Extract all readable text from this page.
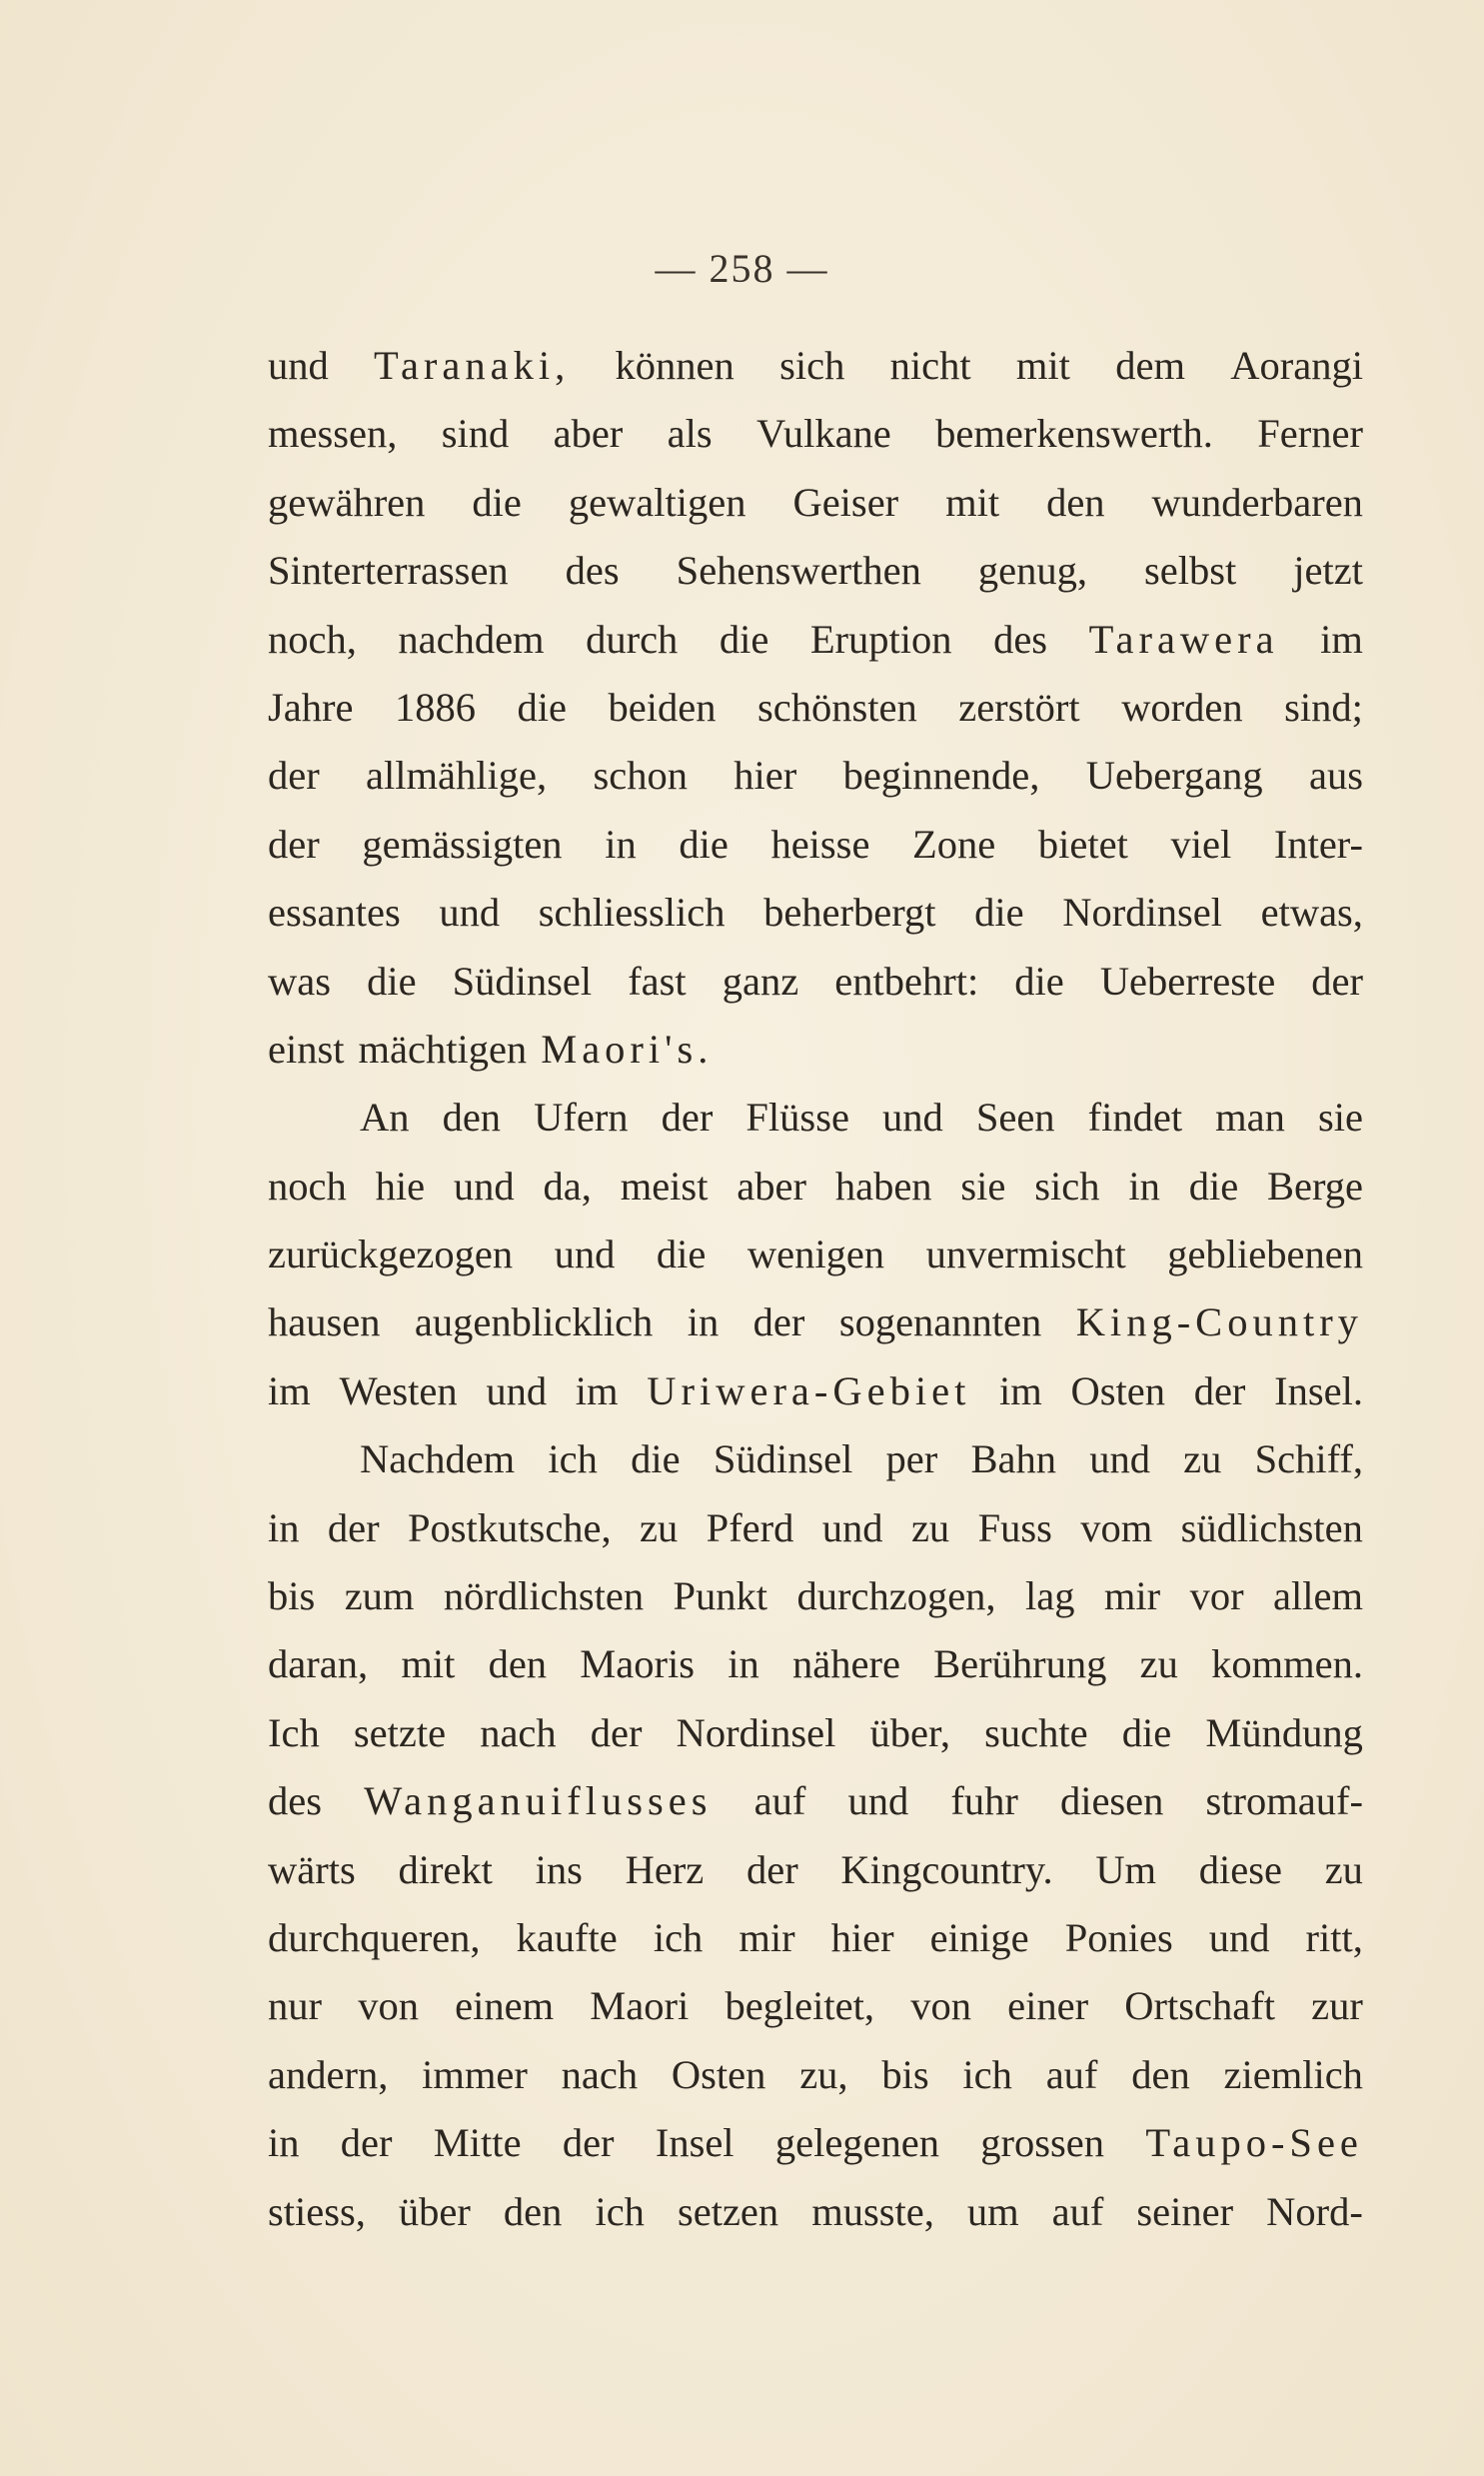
— 258 —
und Taranaki, können sich nicht mit dem Aorangi
messen, sind aber als Vulkane bemerkenswerth. Ferner
gewähren die gewaltigen Geiser mit den wunderbaren
Sinterterrassen des Sehenswerthen genug, selbst jetzt
noch, nachdem durch die Eruption des Tarawera im
Jahre 1886 die beiden schönsten zerstört worden sind;
der allmählige, schon hier beginnende, Uebergang aus
der gemässigten in die heisse Zone bietet viel Inter-
essantes und schliesslich beherbergt die Nordinsel etwas,
was die Südinsel fast ganz entbehrt: die Ueberreste der
einst mächtigen Maori's.
An den Ufern der Flüsse und Seen findet man sie
noch hie und da, meist aber haben sie sich in die Berge
zurückgezogen und die wenigen unvermischt gebliebenen
hausen augenblicklich in der sogenannten King-Country
im Westen und im Uriwera-Gebiet im Osten der Insel.
Nachdem ich die Südinsel per Bahn und zu Schiff,
in der Postkutsche, zu Pferd und zu Fuss vom südlichsten
bis zum nördlichsten Punkt durchzogen, lag mir vor allem
daran, mit den Maoris in nähere Berührung zu kommen.
Ich setzte nach der Nordinsel über, suchte die Mündung
des Wanganuiflusses auf und fuhr diesen stromauf-
wärts direkt ins Herz der Kingcountry. Um diese zu
durchqueren, kaufte ich mir hier einige Ponies und ritt,
nur von einem Maori begleitet, von einer Ortschaft zur
andern, immer nach Osten zu, bis ich auf den ziemlich
in der Mitte der Insel gelegenen grossen Taupo-See
stiess, über den ich setzen musste, um auf seiner Nord-
